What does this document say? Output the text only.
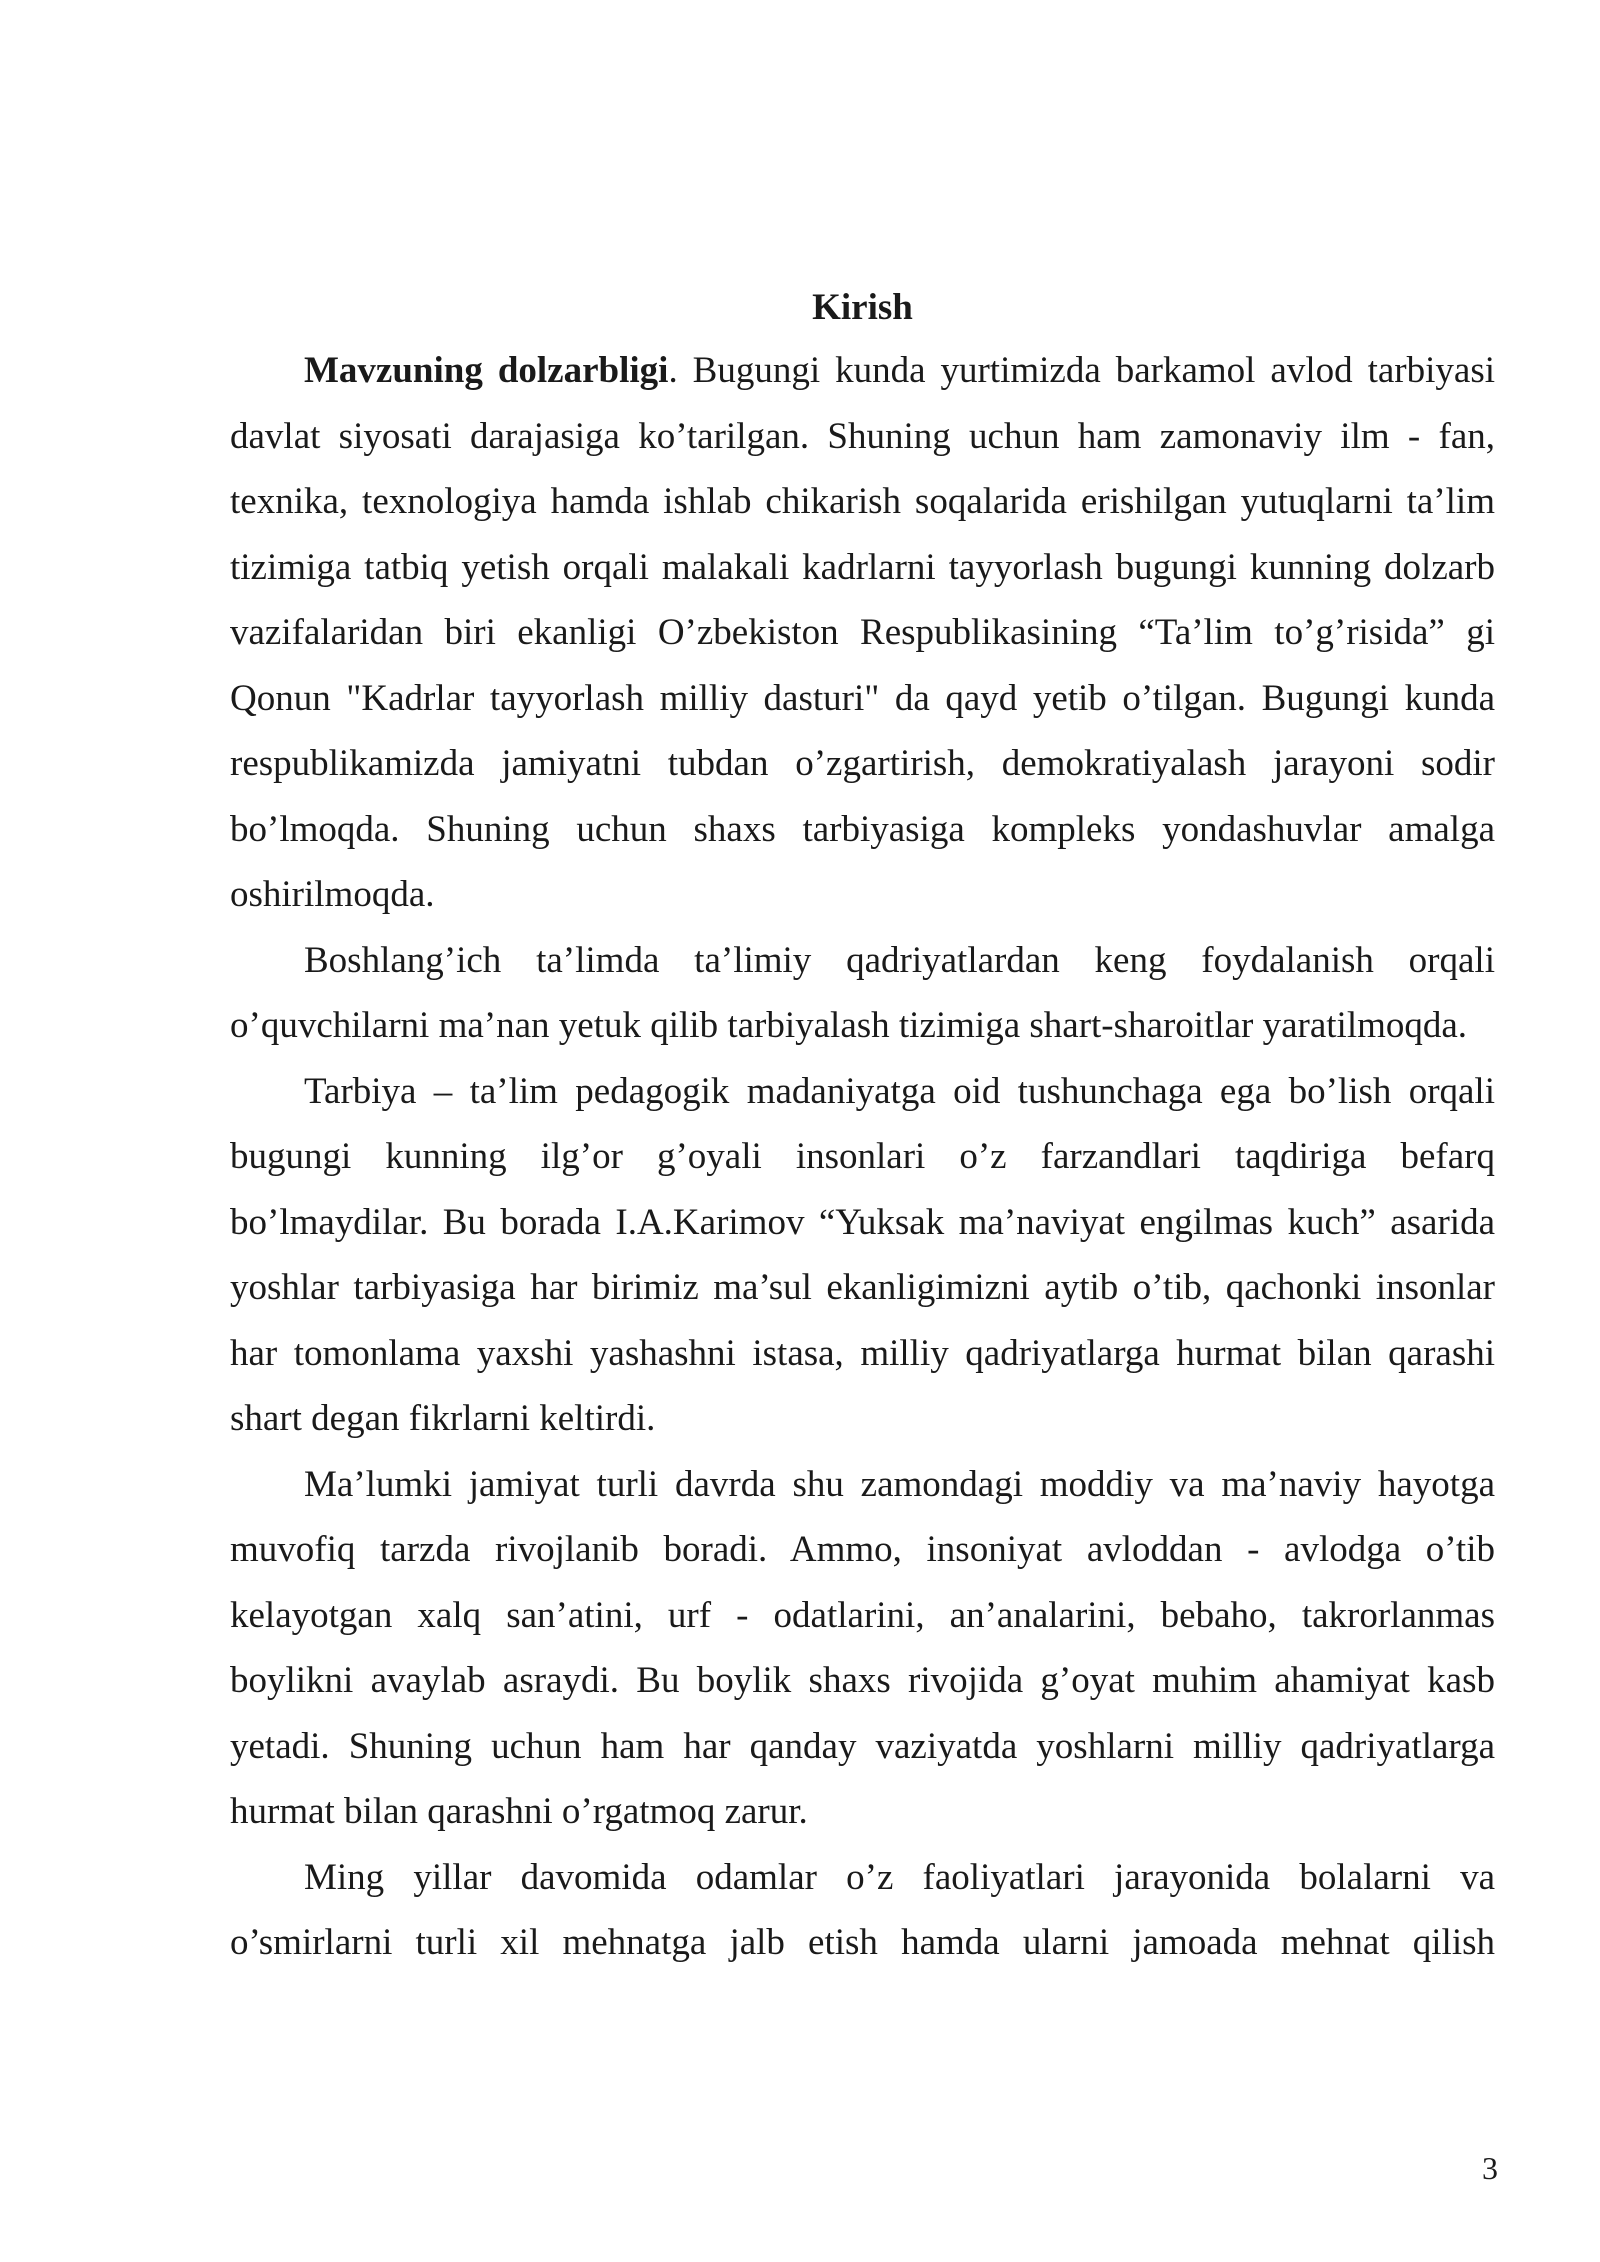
Kirish

Mavzuning dolzarbligi. Bugungi kunda yurtimizda barkamol avlod tarbiyasi davlat siyosati darajasiga ko’tarilgan. Shuning uchun ham zamonaviy ilm - fan, texnika, texnologiya hamda ishlab chikarish soqalarida erishilgan yutuqlarni ta’lim tizimiga tatbiq yetish orqali malakali kadrlarni tayyorlash bugungi kunning dolzarb vazifalaridan biri ekanligi O’zbekiston Respublikasining “Ta’lim to’g’risida” gi Qonun "Kadrlar tayyorlash milliy dasturi" da qayd yetib o’tilgan. Bugungi kunda respublikamizda jamiyatni tubdan o’zgartirish, demokratiyalash jarayoni sodir bo’lmoqda. Shuning uchun shaxs tarbiyasiga kompleks yondashuvlar amalga oshirilmoqda.

Boshlang’ich ta’limda ta’limiy qadriyatlardan keng foydalanish orqali o’quvchilarni ma’nan yetuk qilib tarbiyalash tizimiga shart-sharoitlar yaratilmoqda.

Tarbiya – ta’lim pedagogik madaniyatga oid tushunchaga ega bo’lish orqali bugungi kunning ilg’or g’oyali insonlari o’z farzandlari taqdiriga befarq bo’lmaydilar. Bu borada I.A.Karimov “Yuksak ma’naviyat engilmas kuch” asarida yoshlar tarbiyasiga har birimiz ma’sul ekanligimizni aytib o’tib, qachonki insonlar har tomonlama yaxshi yashashni istasa, milliy qadriyatlarga hurmat bilan qarashi shart degan fikrlarni keltirdi.

Ma’lumki jamiyat turli davrda shu zamondagi moddiy va ma’naviy hayotga muvofiq tarzda rivojlanib boradi. Ammo, insoniyat avloddan - avlodga o’tib kelayotgan xalq san’atini, urf - odatlarini, an’analarini, bebaho, takrorlanmas boylikni avaylab asraydi. Bu boylik shaxs rivojida g’oyat muhim ahamiyat kasb yetadi. Shuning uchun ham har qanday vaziyatda yoshlarni milliy qadriyatlarga hurmat bilan qarashni o’rgatmoq zarur.

Ming yillar davomida odamlar o’z faoliyatlari jarayonida bolalarni va o’smirlarni turli xil mehnatga jalb etish hamda ularni jamoada mehnat qilish

3
